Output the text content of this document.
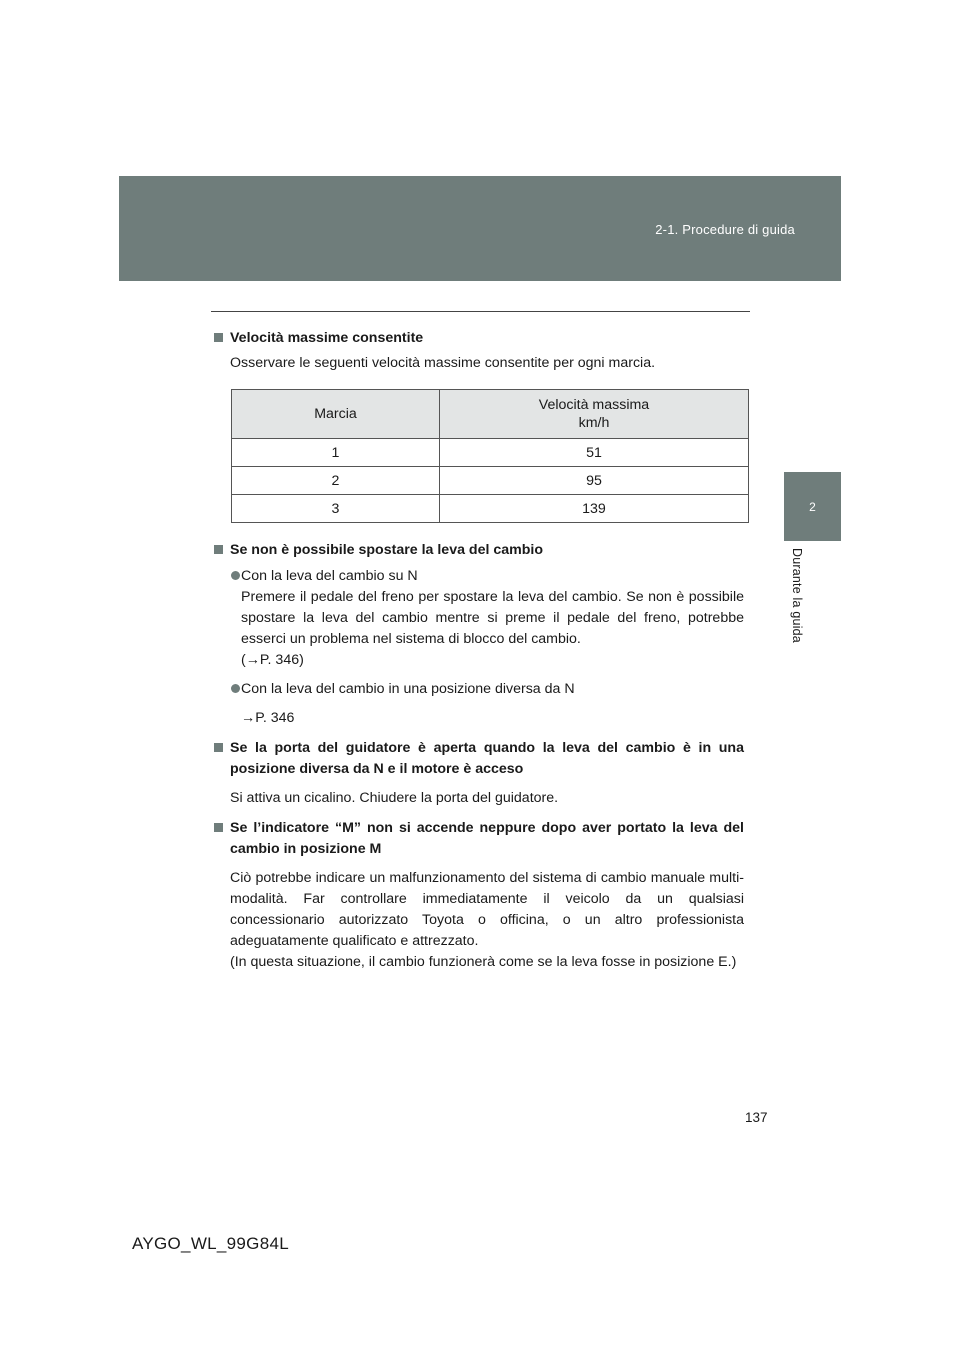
2-1. Procedure di guida
2
Durante la guida
Velocità massime consentite
Osservare le seguenti velocità massime consentite per ogni marcia.
Se non è possibile spostare la leva del cambio
Con la leva del cambio su N
Premere il pedale del freno per spostare la leva del cambio. Se non è possibile spostare la leva del cambio mentre si preme il pedale del freno, potrebbe esserci un problema nel sistema di blocco del cambio.
(→P. 346)
Con la leva del cambio in una posizione diversa da N
→P. 346
Se la porta del guidatore è aperta quando la leva del cambio è in una posizione diversa da N e il motore è acceso
Si attiva un cicalino. Chiudere la porta del guidatore.
Se l’indicatore “M” non si accende neppure dopo aver portato la leva del cambio in posizione M
Ciò potrebbe indicare un malfunzionamento del sistema di cambio manuale multi-modalità. Far controllare immediatamente il veicolo da un qualsiasi concessionario autorizzato Toyota o officina, o un altro professionista adeguatamente qualificato e attrezzato.
(In questa situazione, il cambio funzionerà come se la leva fosse in posizione E.)
Marcia	Velocità massima
km/h

1	51
2	95
3	139
137
AYGO_WL_99G84L
